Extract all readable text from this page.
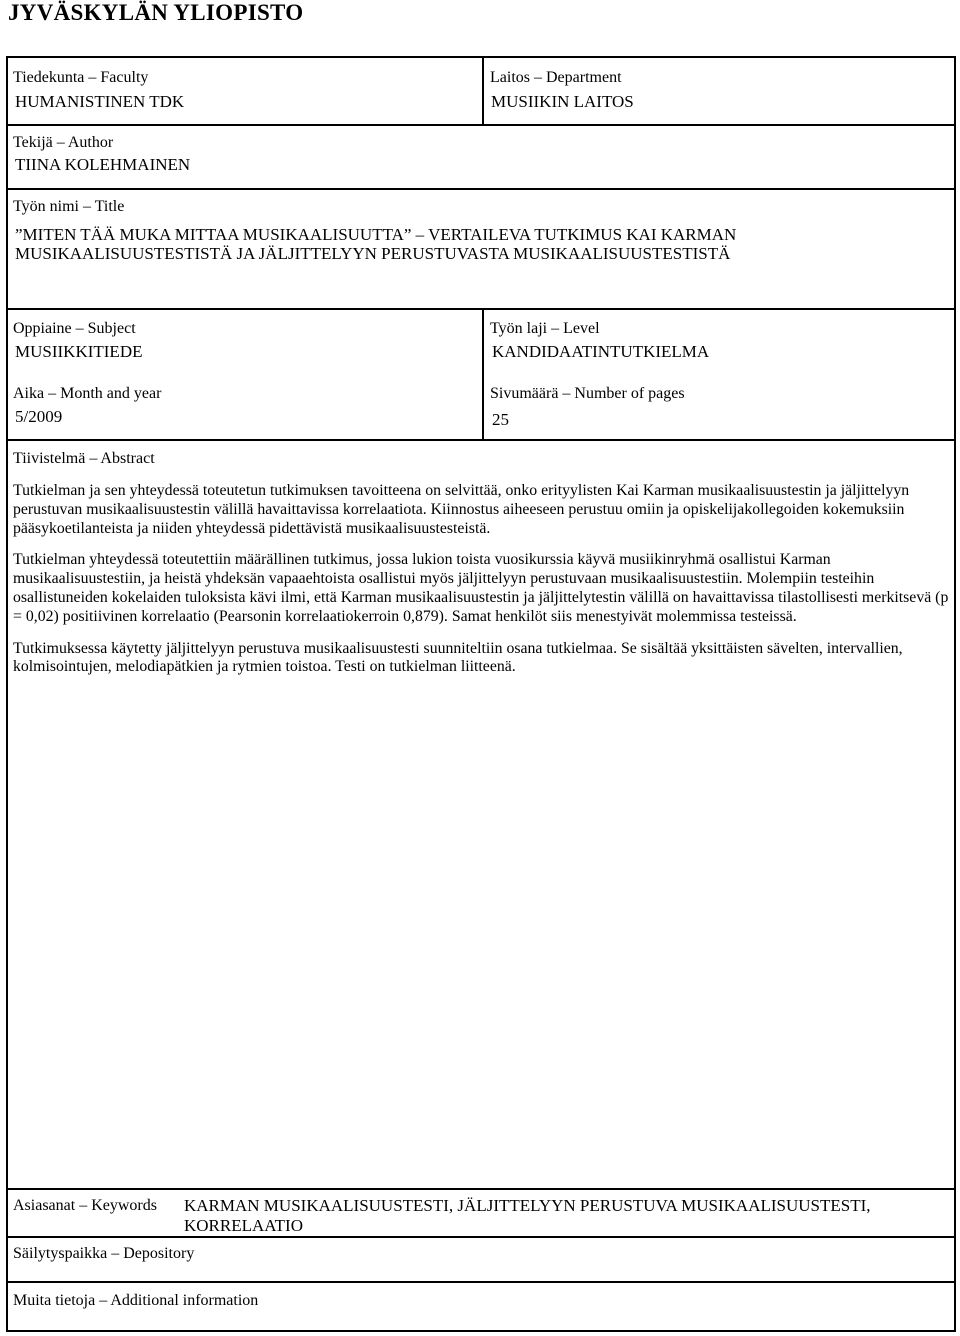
JYVÄSKYLÄN YLIOPISTO
Tiedekunta – Faculty
HUMANISTINEN TDK
Laitos – Department
MUSIIKIN LAITOS
Tekijä – Author
TIINA KOLEHMAINEN
Työn nimi – Title
”MITEN TÄÄ MUKA MITTAA MUSIKAALISUUTTA” – VERTAILEVA TUTKIMUS KAI KARMAN
MUSIKAALISUUSTESTISTÄ JA JÄLJITTELYYN PERUSTUVASTA MUSIKAALISUUSTESTISTÄ
Oppiaine – Subject
MUSIIKKITIEDE
Työn laji – Level
KANDIDAATINTUTKIELMA
Aika – Month and year
5/2009
Sivumäärä – Number of pages
25
Tiivistelmä – Abstract

Tutkielman ja sen yhteydessä toteutetun tutkimuksen tavoitteena on selvittää, onko erityylisten Kai Karman musikaalisuustestin ja jäljittelyyn perustuvan musikaalisuustestin välillä havaittavissa korrelaatiota. Kiinnostus aiheeseen perustuu omiin ja opiskelijakollegoiden kokemuksiin pääsykoetilanteista ja niiden yhteydessä pidettävistä musikaalisuustesteistä.

Tutkielman yhteydessä toteutettiin määrällinen tutkimus, jossa lukion toista vuosikurssia käyvä musiikinryhmä osallistui Karman musikaalisuustestiin, ja heistä yhdeksän vapaaehtoista osallistui myös jäljittelyyn perustuvaan musikaalisuustestiin. Molempiin testeihin osallistuneiden kokelaiden tuloksista kävi ilmi, että Karman musikaalisuustestin ja jäljittelytestin välillä on havaittavissa tilastollisesti merkitsevä (p = 0,02) positiivinen korrelaatio (Pearsonin korrelaatiokerroin 0,879). Samat henkilöt siis menestyivät molemmissa testeissä.

Tutkimuksessa käytetty jäljittelyyn perustuva musikaalisuustesti suunniteltiin osana tutkielmaa. Se sisältää yksittäisten sävelten, intervallien, kolmisointujen, melodiapätkien ja rytmien toistoa. Testi on tutkielman liitteenä.

Asiasanat – Keywords KARMAN MUSIKAALISUUSTESTI, JÄLJITTELYYN PERUSTUVA MUSIKAALISUUSTESTI,
KORRELAATIO
Säilytyspaikka – Depository
Muita tietoja – Additional information
